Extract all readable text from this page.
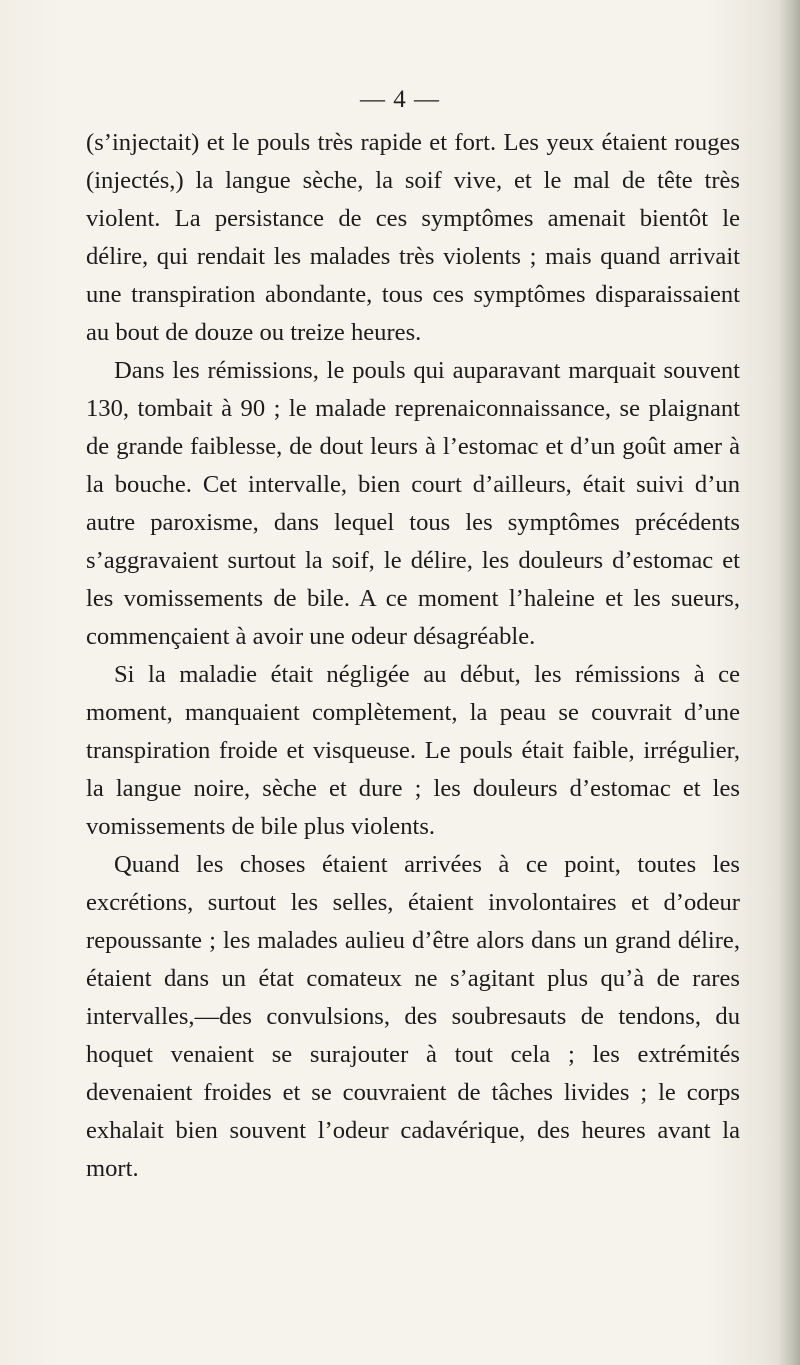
— 4 —

(s’injectait) et le pouls très rapide et fort. Les yeux étaient rouges (injectés,) la langue sèche, la soif vive, et le mal de tête très violent. La persistance de ces symptômes amenait bientôt le délire, qui rendait les malades très violents ; mais quand arrivait une transpiration abondante, tous ces symptômes disparaissaient au bout de douze ou treize heures.

Dans les rémissions, le pouls qui auparavant marquait souvent 130, tombait à 90 ; le malade reprenaiconnaissance, se plaignant de grande faiblesse, de dout leurs à l’estomac et d’un goût amer à la bouche. Cet intervalle, bien court d’ailleurs, était suivi d’un autre paroxisme, dans lequel tous les symptômes précédents s’aggravaient surtout la soif, le délire, les douleurs d’estomac et les vomissements de bile. A ce moment l’haleine et les sueurs, commençaient à avoir une odeur désagréable.

Si la maladie était négligée au début, les rémissions à ce moment, manquaient complètement, la peau se couvrait d’une transpiration froide et visqueuse. Le pouls était faible, irrégulier, la langue noire, sèche et dure ; les douleurs d’estomac et les vomissements de bile plus violents.

Quand les choses étaient arrivées à ce point, toutes les excrétions, surtout les selles, étaient involontaires et d’odeur repoussante ; les malades aulieu d’être alors dans un grand délire, étaient dans un état comateux ne s’agitant plus qu’à de rares intervalles,—des convulsions, des soubresauts de tendons, du hoquet venaient se surajouter à tout cela ; les extrémités devenaient froides et se couvraient de tâches livides ; le corps exhalait bien souvent l’odeur cadavérique, des heures avant la mort.
